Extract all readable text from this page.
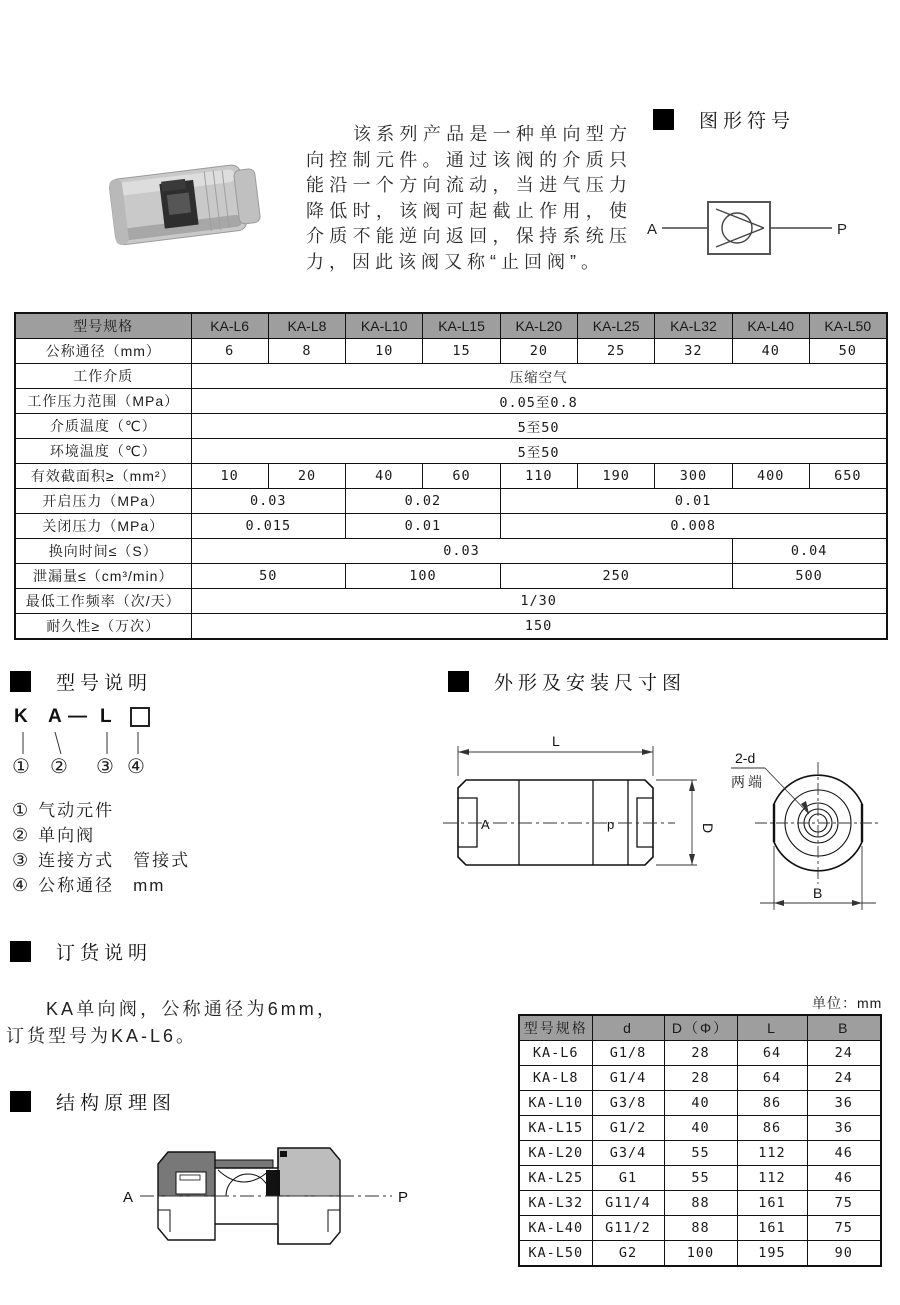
该系列产品是一种单向型方向控制元件。通过该阀的介质只能沿一个方向流动，当进气压力降低时，该阀可起截止作用，使介质不能逆向返回，保持系统压力，因此该阀又称“止回阀”。

图形符号
A	P
型号规格	KA-L6	KA-L8	KA-L10	KA-L15	KA-L20	KA-L25	KA-L32	KA-L40	KA-L50
公称通径（mm）	6	8	10	15	20	25	32	40	50
工作介质	压缩空气								
工作压力范围（MPa）	0.05至0.8								
介质温度（℃）	5至50								
环境温度（℃）	5至50								
有效截面积≥（mm²）	10	20	40	60	110	190	300	400	650
开启压力（MPa）	0.03		0.02		0.01				
关闭压力（MPa）	0.015		0.01		0.008				
换向时间≤（S）	0.03							0.04	
泄漏量≤（cm³/min）	50		100		250			500	
最低工作频率（次/天）	1/30								
耐久性≥（万次）	150								
型号说明
K A — L
① ② ③ ④
① 气动元件
② 单向阀
③ 连接方式　管接式
④ 公称通径　mm
外形及安装尺寸图
A	p
L
D
2-d
两端
B
订货说明

KA单向阀，公称通径为6mm，订货型号为KA-L6。

单位：mm
型号规格	d	D（Φ）	L	B
KA-L6	G1/8	28	64	24
KA-L8	G1/4	28	64	24
KA-L10	G3/8	40	86	36
KA-L15	G1/2	40	86	36
KA-L20	G3/4	55	112	46
KA-L25	G1	55	112	46
KA-L32	G11/4	88	161	75
KA-L40	G11/2	88	161	75
KA-L50	G2	100	195	90
结构原理图
A	P
